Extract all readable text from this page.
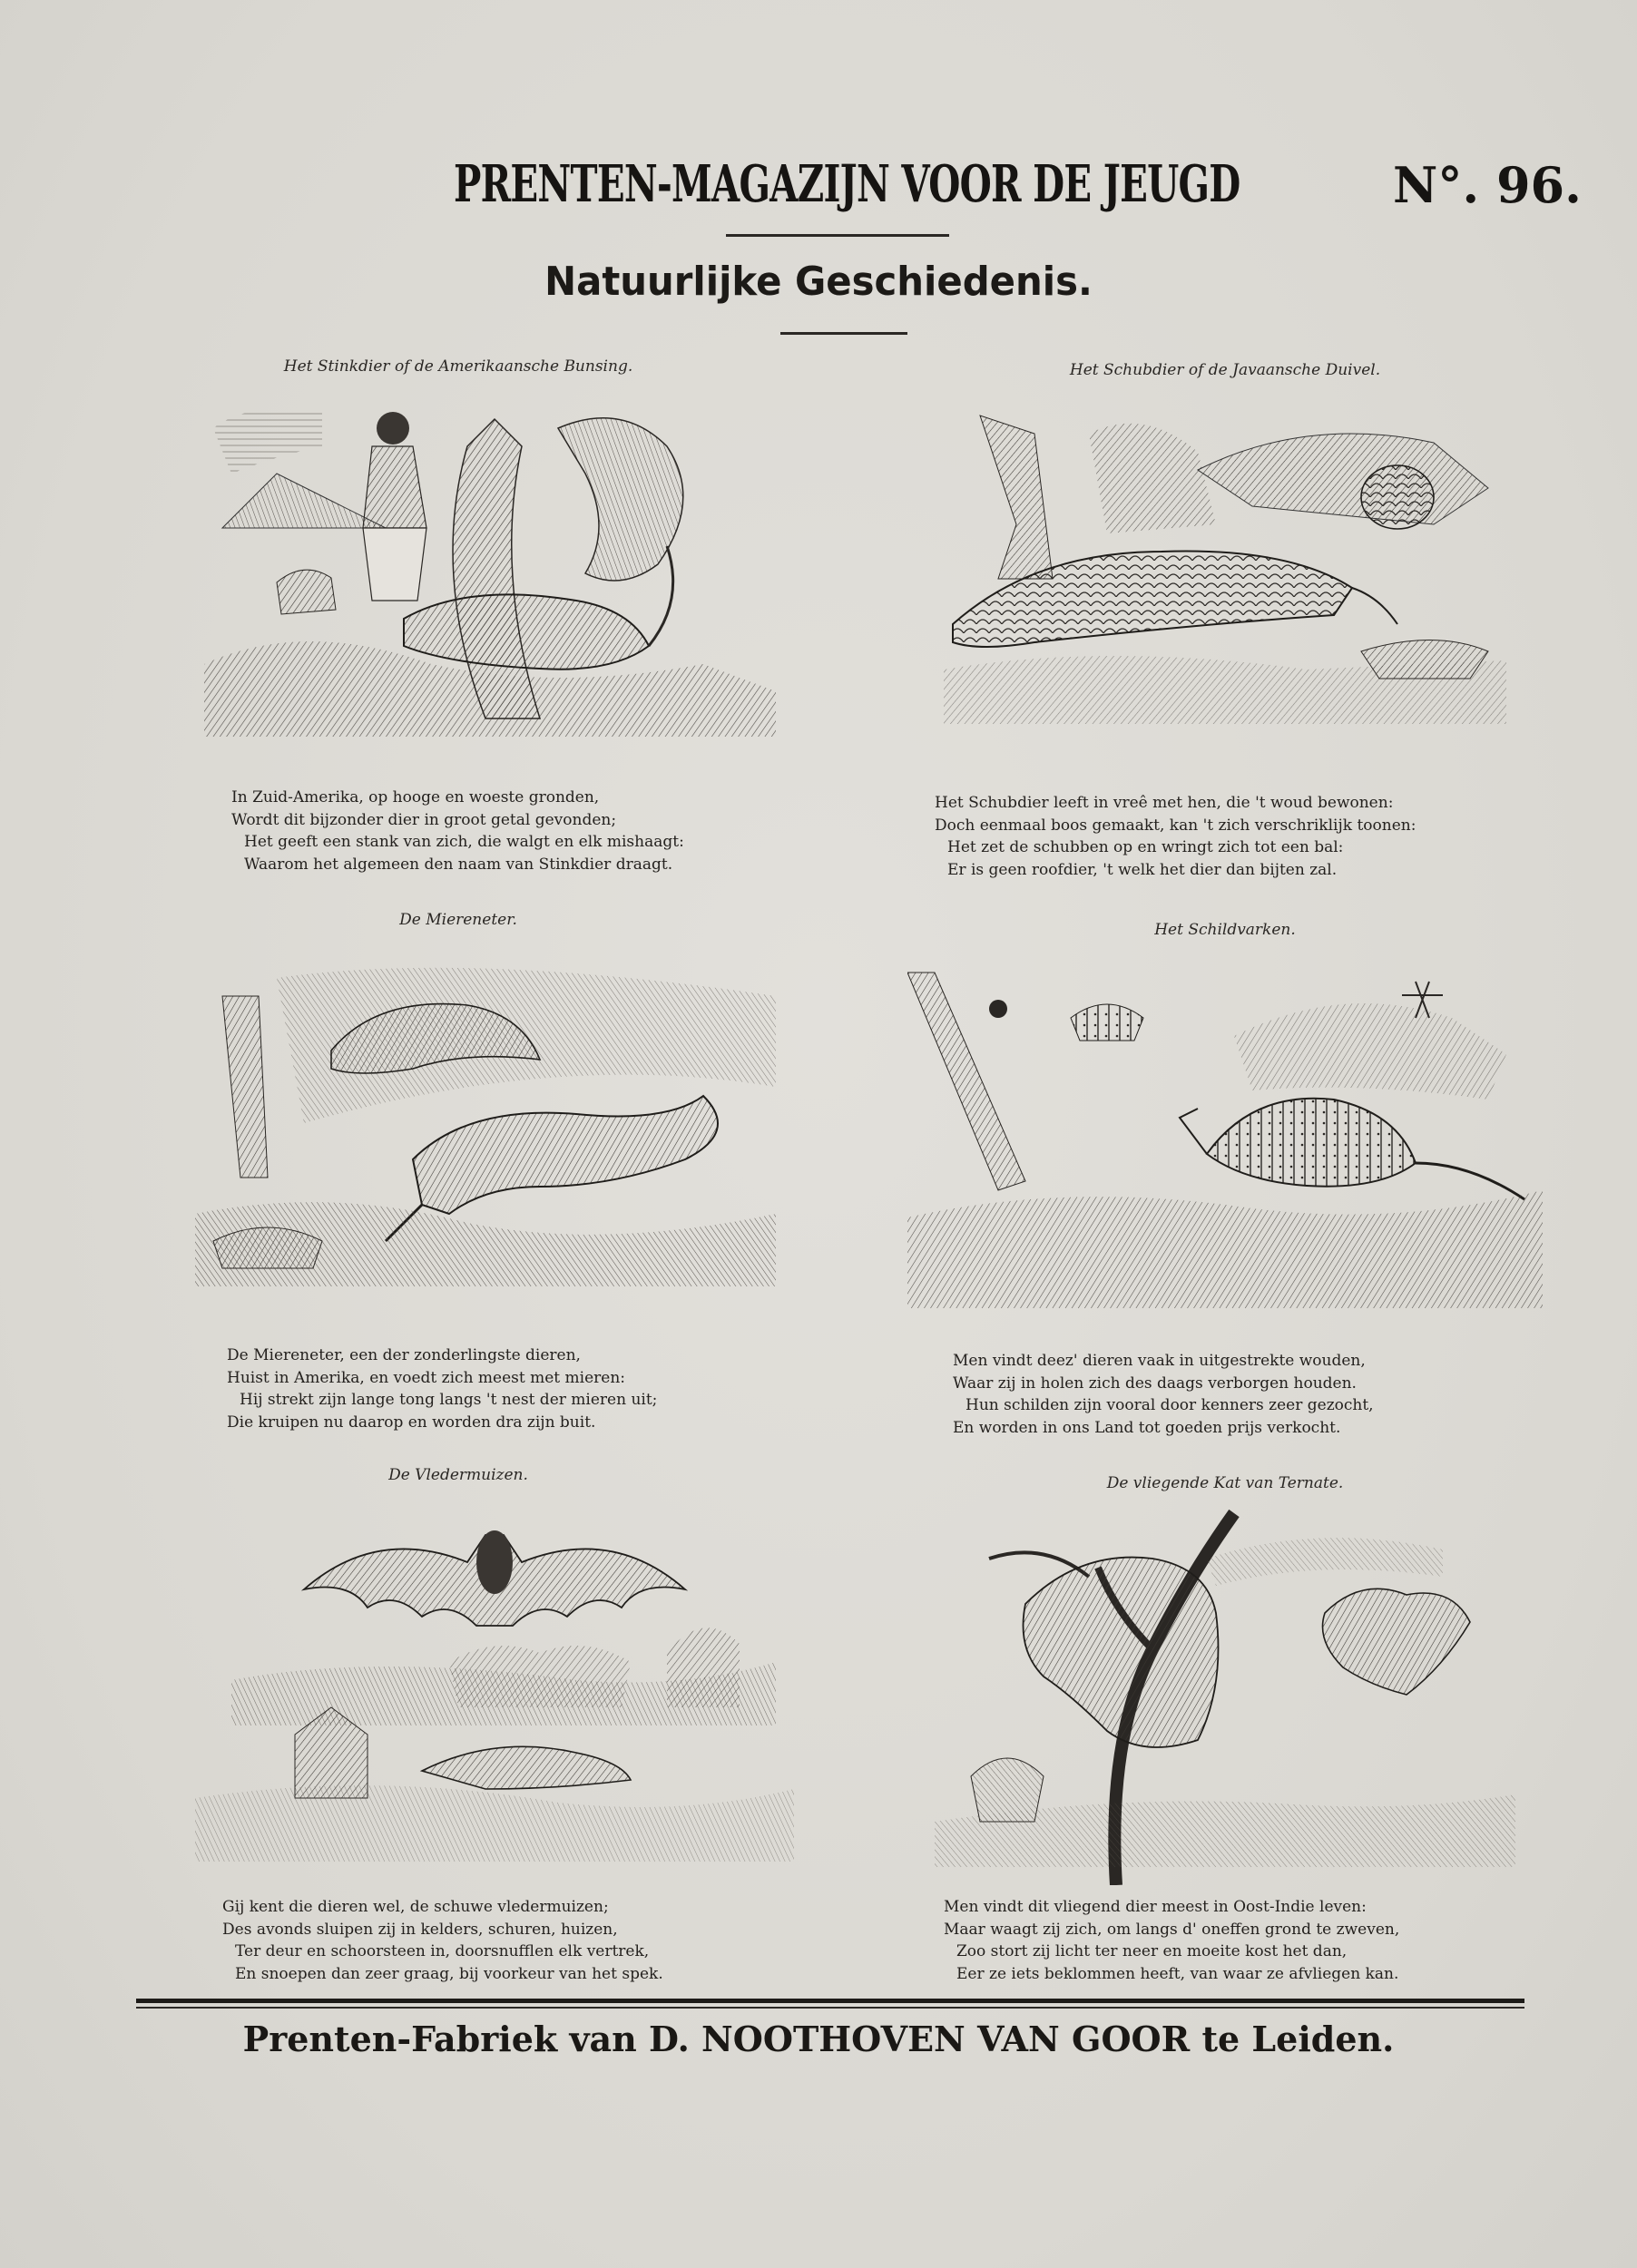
PRENTEN-MAGAZIJN VOOR DE JEUGD	N°. 96.
Natuurlijke Geschiedenis.
Het Stinkdier of de Amerikaansche Bunsing.
In Zuid-Amerika, op hooge en woeste gronden,
Wordt dit bijzonder dier in groot getal gevonden;
Het geeft een stank van zich, die walgt en elk mishaagt:
Waarom het algemeen den naam van Stinkdier draagt.
Het Schubdier of de Javaansche Duivel.
Het Schubdier leeft in vreê met hen, die 't woud bewonen:
Doch eenmaal boos gemaakt, kan 't zich verschriklijk toonen:
Het zet de schubben op en wringt zich tot een bal:
Er is geen roofdier, 't welk het dier dan bijten zal.
De Miereneter.
De Miereneter, een der zonderlingste dieren,
Huist in Amerika, en voedt zich meest met mieren:
Hij strekt zijn lange tong langs 't nest der mieren uit;
Die kruipen nu daarop en worden dra zijn buit.
Het Schildvarken.
Men vindt deez' dieren vaak in uitgestrekte wouden,
Waar zij in holen zich des daags verborgen houden.
Hun schilden zijn vooral door kenners zeer gezocht,
En worden in ons Land tot goeden prijs verkocht.
De Vledermuizen.
Gij kent die dieren wel, de schuwe vledermuizen;
Des avonds sluipen zij in kelders, schuren, huizen,
Ter deur en schoorsteen in, doorsnufflen elk vertrek,
En snoepen dan zeer graag, bij voorkeur van het spek.
De vliegende Kat van Ternate.
Men vindt dit vliegend dier meest in Oost-Indie leven:
Maar waagt zij zich, om langs d' oneffen grond te zweven,
Zoo stort zij licht ter neer en moeite kost het dan,
Eer ze iets beklommen heeft, van waar ze afvliegen kan.
Prenten-Fabriek van D. NOOTHOVEN VAN GOOR te Leiden.
